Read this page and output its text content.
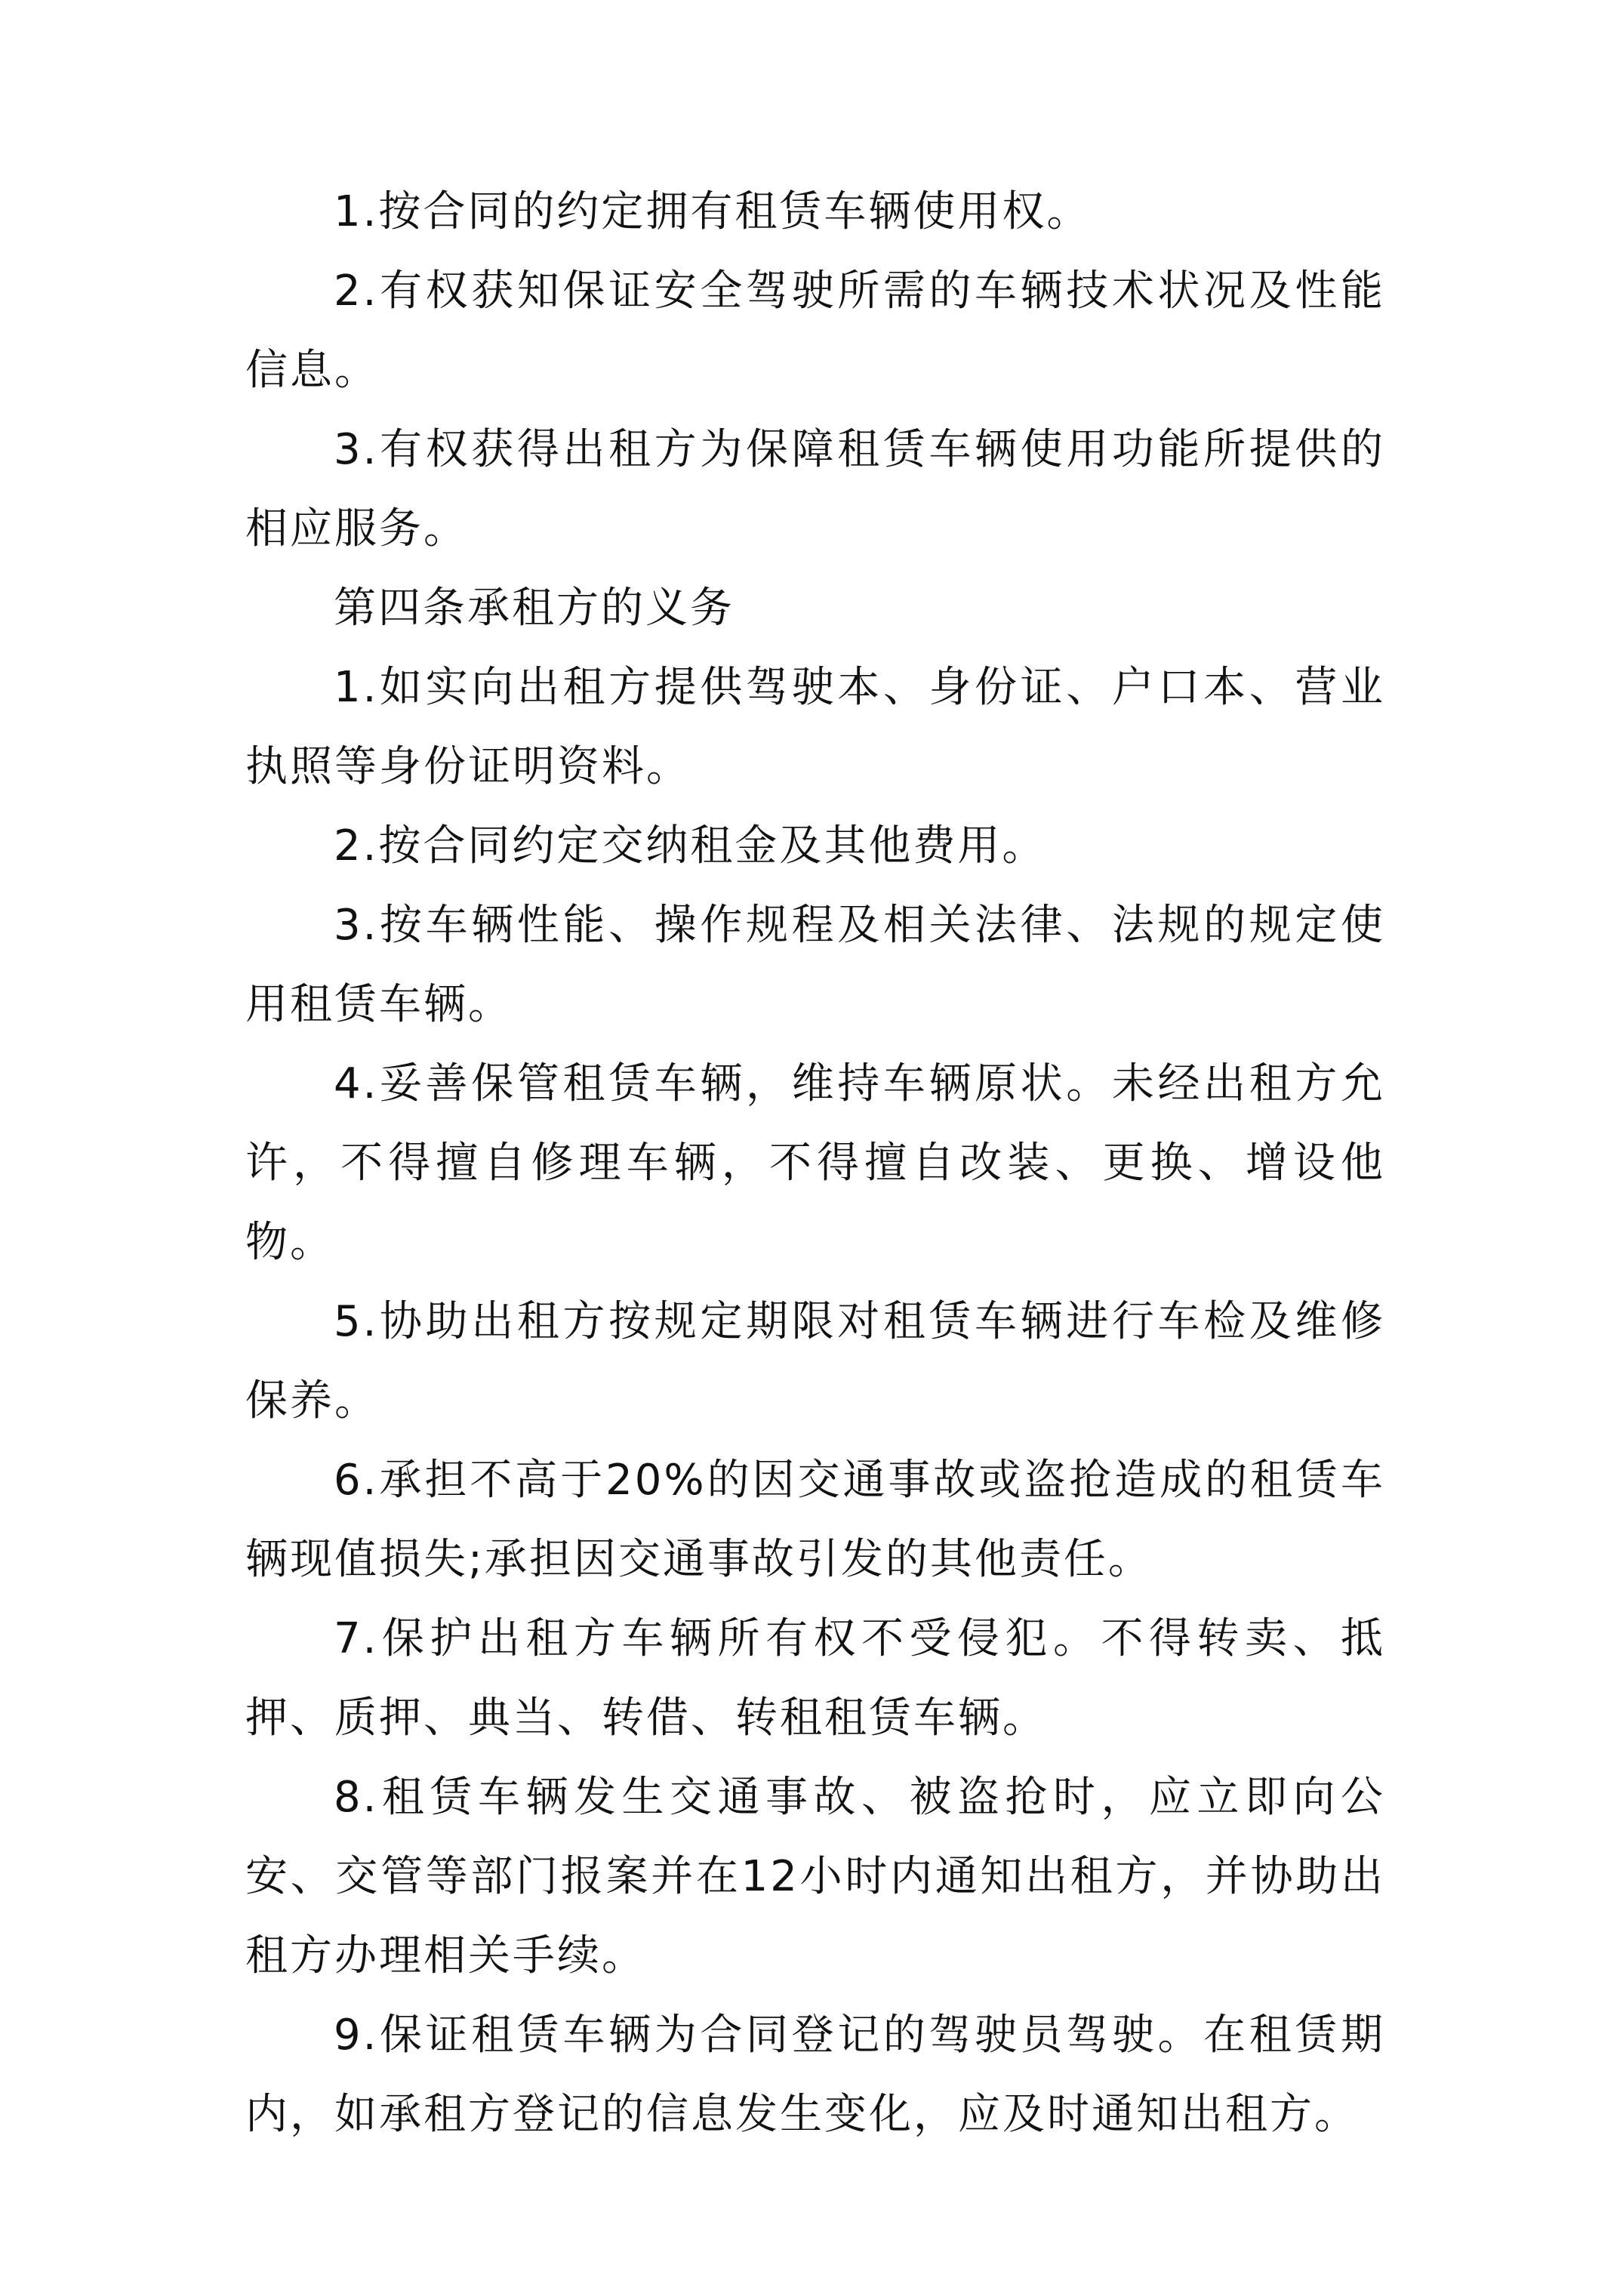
1.按合同的约定拥有租赁车辆使用权。

2.有权获知保证安全驾驶所需的车辆技术状况及性能信息。

3.有权获得出租方为保障租赁车辆使用功能所提供的相应服务。

第四条承租方的义务

1.如实向出租方提供驾驶本、身份证、户口本、营业执照等身份证明资料。

2.按合同约定交纳租金及其他费用。

3.按车辆性能、操作规程及相关法律、法规的规定使用租赁车辆。

4.妥善保管租赁车辆，维持车辆原状。未经出租方允许，不得擅自修理车辆，不得擅自改装、更换、增设他物。

5.协助出租方按规定期限对租赁车辆进行车检及维修保养。

6.承担不高于20%的因交通事故或盗抢造成的租赁车辆现值损失;承担因交通事故引发的其他责任。

7.保护出租方车辆所有权不受侵犯。不得转卖、抵押、质押、典当、转借、转租租赁车辆。

8.租赁车辆发生交通事故、被盗抢时，应立即向公安、交管等部门报案并在12小时内通知出租方，并协助出租方办理相关手续。

9.保证租赁车辆为合同登记的驾驶员驾驶。在租赁期内，如承租方登记的信息发生变化，应及时通知出租方。
